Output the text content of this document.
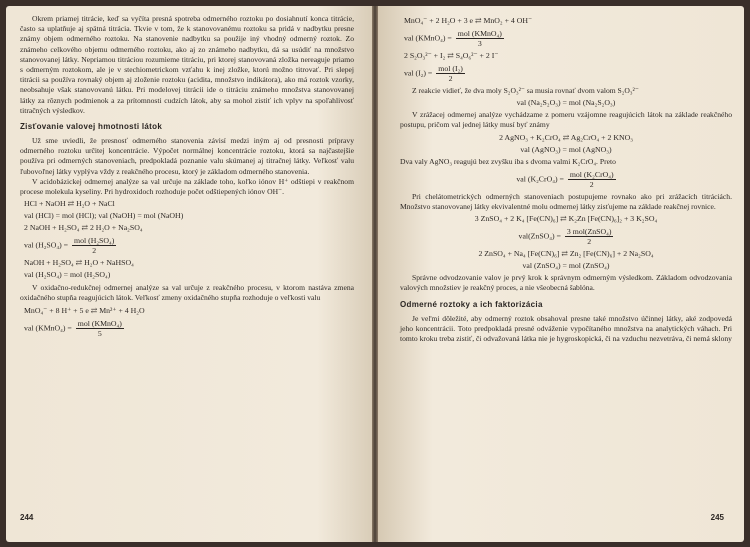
Okrem priamej titrácie, keď sa vyčíta presná spotreba odmerného roztoku po dosiahnutí konca titrácie, často sa uplatňuje aj spätná titrácia. Tkvie v tom, že k stanovovanému roztoku sa pridá v nadbytku presne známy objem odmerného roztoku. Na stanovenie nadbytku sa použije iný vhodný odmerný roztok. Zo známeho celkového objemu odmerného roztoku, ako aj zo známeho nadbytku, dá sa usúdiť na množstvo stanovovanej látky. Nepriamou titráciou rozumieme titráciu, pri ktorej stanovovaná zložka nereaguje priamo s odmerným roztokom, ale je v stechiometrickom vzťahu k inej zložke, ktorú možno titrovať. Pri slepej titrácii sa používa rovnaký objem aj zloženie roztoku (acidita, množstvo indikátora), ako má roztok vzorky, neobsahuje však stanovovanú látku. Pri modelovej titrácii ide o titráciu známeho množstva stanovovanej látky za rôznych podmienok a za prítomnosti cudzích látok, aby sa mohol zistiť ich vplyv na spoľahlivosť titračných výsledkov.

Zisťovanie valovej hmotnosti látok

Už sme uviedli, že presnosť odmerného stanovenia závisí medzi iným aj od presnosti prípravy odmerného roztoku určitej koncentrácie. Výpočet normálnej koncentrácie roztoku, ktorá sa najčastejšie používa pri odmerných stanoveniach, predpokladá poznanie valu skúmanej aj titračnej látky. Veľkosť valu ľubovoľnej látky vyplýva vždy z reakčného procesu, ktorý je základom odmerného stanovenia.

V acidobázickej odmernej analýze sa val určuje na základe toho, koľko iónov H⁺ odštiepi v reakčnom procese molekula kyseliny. Pri hydroxidoch rozhoduje počet odštiepených iónov OH⁻.

HCl + NaOH ⇄ H₂O + NaCl
val (HCl) = mol (HCl); val (NaOH) = mol (NaOH)
2 NaOH + H₂SO₄ ⇄ 2 H₂O + Na₂SO₄
val $(H_2SO_4) = \frac{\text{mol (H₂SO₄)}}{2}$
NaOH + H₂SO₄ ⇄ H₂O + NaHSO₄
val (H₂SO₄) = mol (H₂SO₄)

V oxidačno-redukčnej odmernej analýze sa val určuje z reakčného procesu, v ktorom nastáva zmena oxidačného stupňa reagujúcich látok. Veľkosť zmeny oxidačného stupňa rozhoduje o veľkosti valu

MnO₄⁻ + 8 H⁺ + 5 e ⇄ Mn²⁺ + 4 H₂O
val (KMnO₄) = $\frac{\text{mol (KMnO₄)}}{5}$
244
MnO₄⁻ + 2 H₂O + 3 e ⇄ MnO₂ + 4 OH⁻
val (KMnO₄) = $\frac{\text{mol (KMnO₄)}}{3}$
2 S₂O₃²⁻ + I₂ ⇄ S₄O₆²⁻ + 2 I⁻
val $(I_2) = \frac{\text{mol (I₂)}}{2}$

Z reakcie vidieť, že dva moly S₂O₃²⁻ sa musia rovnať dvom valom S₂O₃²⁻

val (Na₂S₂O₃) = mol (Na₂S₂O₃)

V zrážacej odmernej analýze vychádzame z pomeru vzájomne reagujúcich látok na základe reakčného postupu, pričom val jednej látky musí byť známy

2 AgNO₃ + K₂CrO₄ ⇄ Ag₂CrO₄ + 2 KNO₃
val (AgNO₃) = mol (AgNO₃)

Dva valy AgNO₃ reagujú bez zvyšku iba s dvoma valmi K₂CrO₄. Preto

val $(K_2CrO_4) = \frac{\text{mol (K₂CrO₄)}}{2}$

Pri chelátometrických odmerných stanoveniach postupujeme rovnako ako pri zrážacích titráciách. Množstvo stanovovanej látky ekvivalentné molu odmernej látky zisťujeme na základe reakčnej rovnice.

3 ZnSO₄ + 2 K₄ [Fe(CN)₆] ⇄ K₂Zn [Fe(CN)₆]₂ + 3 K₂SO₄
val(ZnSO₄) = $\frac{\text{3 mol(ZnSO₄)}}{2}$
2 ZnSO₄ + Na₄ [Fe(CN)₆] ⇄ Zn₂ [Fe(CN)₆] + 2 Na₂SO₄
val (ZnSO₄) = mol (ZnSO₄)

Správne odvodzovanie valov je prvý krok k správnym odmerným výsledkom. Základom odvodzovania valových množstiev je reakčný proces, a nie všeobecná šablóna.

Odmerné roztoky a ich faktorizácia

Je veľmi dôležité, aby odmerný roztok obsahoval presne také množstvo účinnej látky, aké zodpovedá jeho koncentrácii. Toto predpokladá presné odváženie vypočítaného množstva na analytických váhach. Pri tomto kroku treba zistiť, či odvažovaná látka nie je hygroskopická, či na vzduchu nezvetráva, či nemá sklony

245
